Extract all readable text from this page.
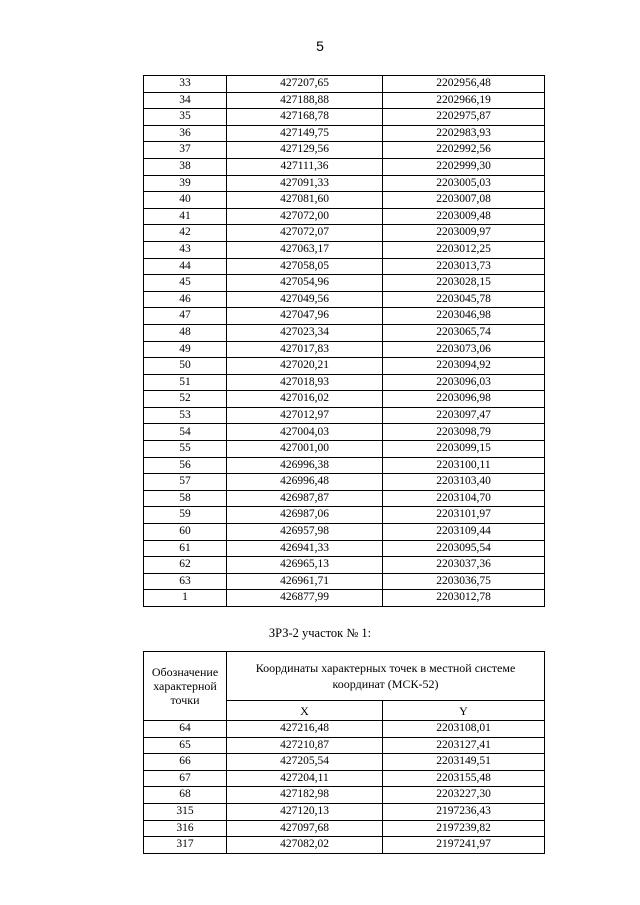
5
33	427207,65	2202956,48
34	427188,88	2202966,19
35	427168,78	2202975,87
36	427149,75	2202983,93
37	427129,56	2202992,56
38	427111,36	2202999,30
39	427091,33	2203005,03
40	427081,60	2203007,08
41	427072,00	2203009,48
42	427072,07	2203009,97
43	427063,17	2203012,25
44	427058,05	2203013,73
45	427054,96	2203028,15
46	427049,56	2203045,78
47	427047,96	2203046,98
48	427023,34	2203065,74
49	427017,83	2203073,06
50	427020,21	2203094,92
51	427018,93	2203096,03
52	427016,02	2203096,98
53	427012,97	2203097,47
54	427004,03	2203098,79
55	427001,00	2203099,15
56	426996,38	2203100,11
57	426996,48	2203103,40
58	426987,87	2203104,70
59	426987,06	2203101,97
60	426957,98	2203109,44
61	426941,33	2203095,54
62	426965,13	2203037,36
63	426961,71	2203036,75
1	426877,99	2203012,78
ЗРЗ-2 участок № 1:
Обозначение характерной точки	Координаты характерных точек в местной системе координат (МСК-52)	
	X	Y
64	427216,48	2203108,01
65	427210,87	2203127,41
66	427205,54	2203149,51
67	427204,11	2203155,48
68	427182,98	2203227,30
315	427120,13	2197236,43
316	427097,68	2197239,82
317	427082,02	2197241,97
